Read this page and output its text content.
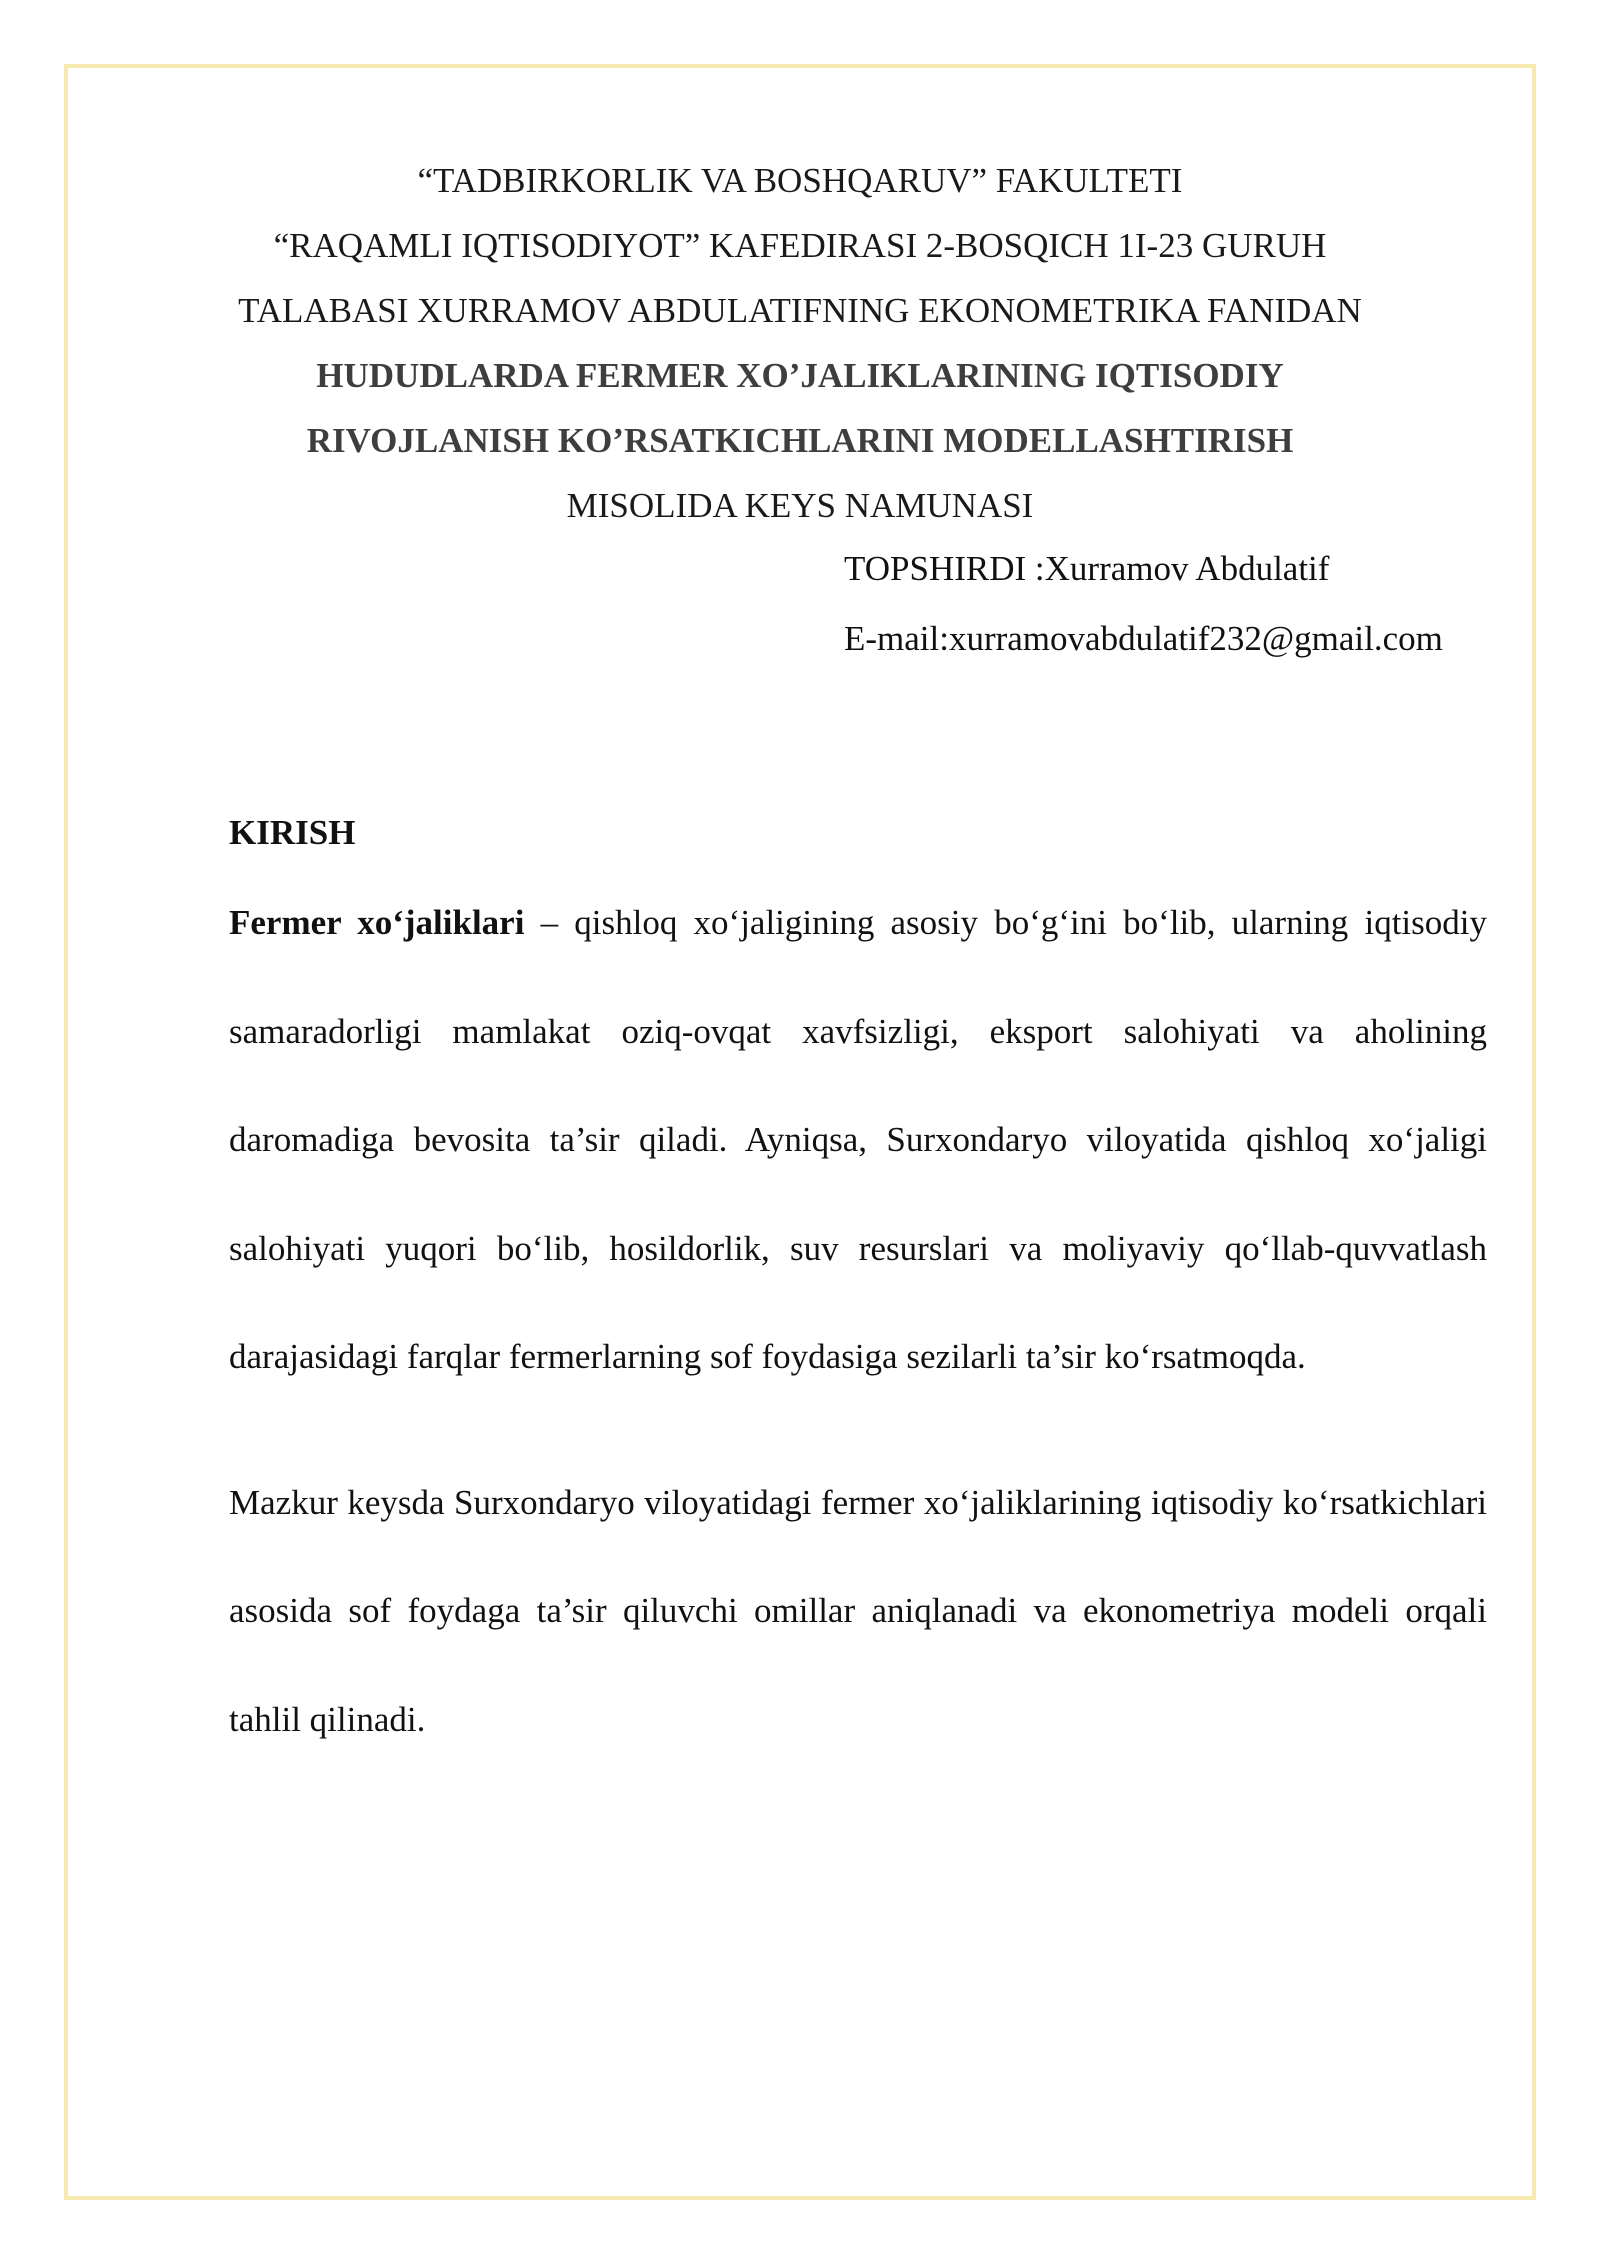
“TADBIRKORLIK VA BOSHQARUV” FAKULTETI
“RAQAMLI IQTISODIYOT” KAFEDIRASI 2-BOSQICH 1I-23 GURUH
TALABASI XURRAMOV ABDULATIFNING EKONOMETRIKA FANIDAN
HUDUDLARDA FERMER XO’JALIKLARINING IQTISODIY
RIVOJLANISH KO’RSATKICHLARINI MODELLASHTIRISH
MISOLIDA KEYS NAMUNASI
TOPSHIRDI :Xurramov Abdulatif
E-mail:xurramovabdulatif232@gmail.com
KIRISH

Fermer xo‘jaliklari – qishloq xo‘jaligining asosiy bo‘g‘ini bo‘lib, ularning iqtisodiy samaradorligi mamlakat oziq-ovqat xavfsizligi, eksport salohiyati va aholining daromadiga bevosita ta’sir qiladi. Ayniqsa, Surxondaryo viloyatida qishloq xo‘jaligi salohiyati yuqori bo‘lib, hosildorlik, suv resurslari va moliyaviy qo‘llab-quvvatlash darajasidagi farqlar fermerlarning sof foydasiga sezilarli ta’sir ko‘rsatmoqda.

Mazkur keysda Surxondaryo viloyatidagi fermer xo‘jaliklarining iqtisodiy ko‘rsatkichlari asosida sof foydaga ta’sir qiluvchi omillar aniqlanadi va ekonometriya modeli orqali tahlil qilinadi.
